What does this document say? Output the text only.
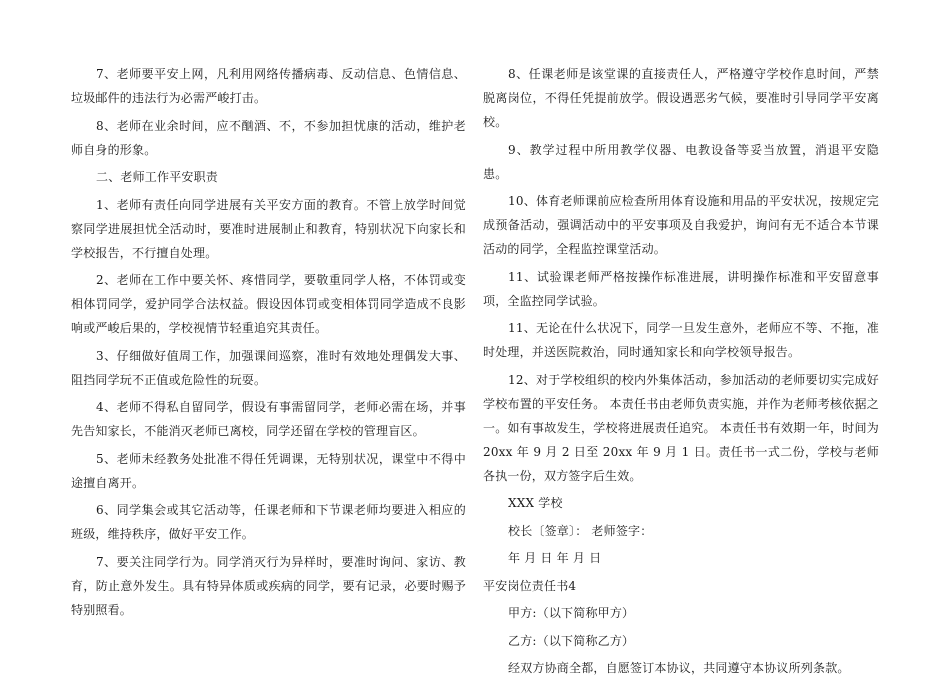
7、老师要平安上网，凡利用网络传播病毒、反动信息、色情信息、垃圾邮件的违法行为必需严峻打击。

8、老师在业余时间，应不酗酒、不，不参加担忧康的活动，维护老师自身的形象。

二、老师工作平安职责

1、老师有责任向同学进展有关平安方面的教育。不管上放学时间觉察同学进展担忧全活动时，要准时进展制止和教育，特别状况下向家长和学校报告，不行擅自处理。

2、老师在工作中要关怀、疼惜同学，要敬重同学人格，不体罚或变相体罚同学，爱护同学合法权益。假设因体罚或变相体罚同学造成不良影响或严峻后果的，学校视情节轻重追究其责任。

3、仔细做好值周工作，加强课间巡察，准时有效地处理偶发大事、阻挡同学玩不正值或危险性的玩耍。

4、老师不得私自留同学，假设有事需留同学，老师必需在场，并事先告知家长，不能消灭老师已离校，同学还留在学校的管理盲区。

5、老师未经教务处批准不得任凭调课，无特别状况，课堂中不得中途擅自离开。

6、同学集会或其它活动等，任课老师和下节课老师均要进入相应的班级，维持秩序，做好平安工作。

7、要关注同学行为。同学消灭行为异样时，要准时询问、家访、教育，防止意外发生。具有特异体质或疾病的同学，要有记录，必要时赐予特别照看。

8、任课老师是该堂课的直接责任人，严格遵守学校作息时间，严禁脱离岗位，不得任凭提前放学。假设遇恶劣气候，要准时引导同学平安离校。

9、教学过程中所用教学仪器、电教设备等妥当放置，消退平安隐患。

10、体育老师课前应检查所用体育设施和用品的平安状况，按规定完成预备活动，强调活动中的平安事项及自我爱护，询问有无不适合本节课活动的同学，全程监控课堂活动。

11、试验课老师严格按操作标准进展，讲明操作标准和平安留意事项，全监控同学试验。

11、无论在什么状况下，同学一旦发生意外，老师应不等、不拖，准时处理，并送医院救治，同时通知家长和向学校领导报告。

12、对于学校组织的校内外集体活动，参加活动的老师要切实完成好学校布置的平安任务。 本责任书由老师负责实施，并作为老师考核依据之一。如有事故发生，学校将进展责任追究。 本责任书有效期一年，时间为 20xx 年 9 月 2 日至 20xx 年 9 月 1 日。责任书一式二份，学校与老师各执一份，双方签字后生效。

XXX 学校

校长〔签章〕： 老师签字：

年 月 日 年 月 日

平安岗位责任书4

甲方:（以下简称甲方）

乙方:（以下简称乙方）

经双方协商全都，自愿签订本协议，共同遵守本协议所列条款。
